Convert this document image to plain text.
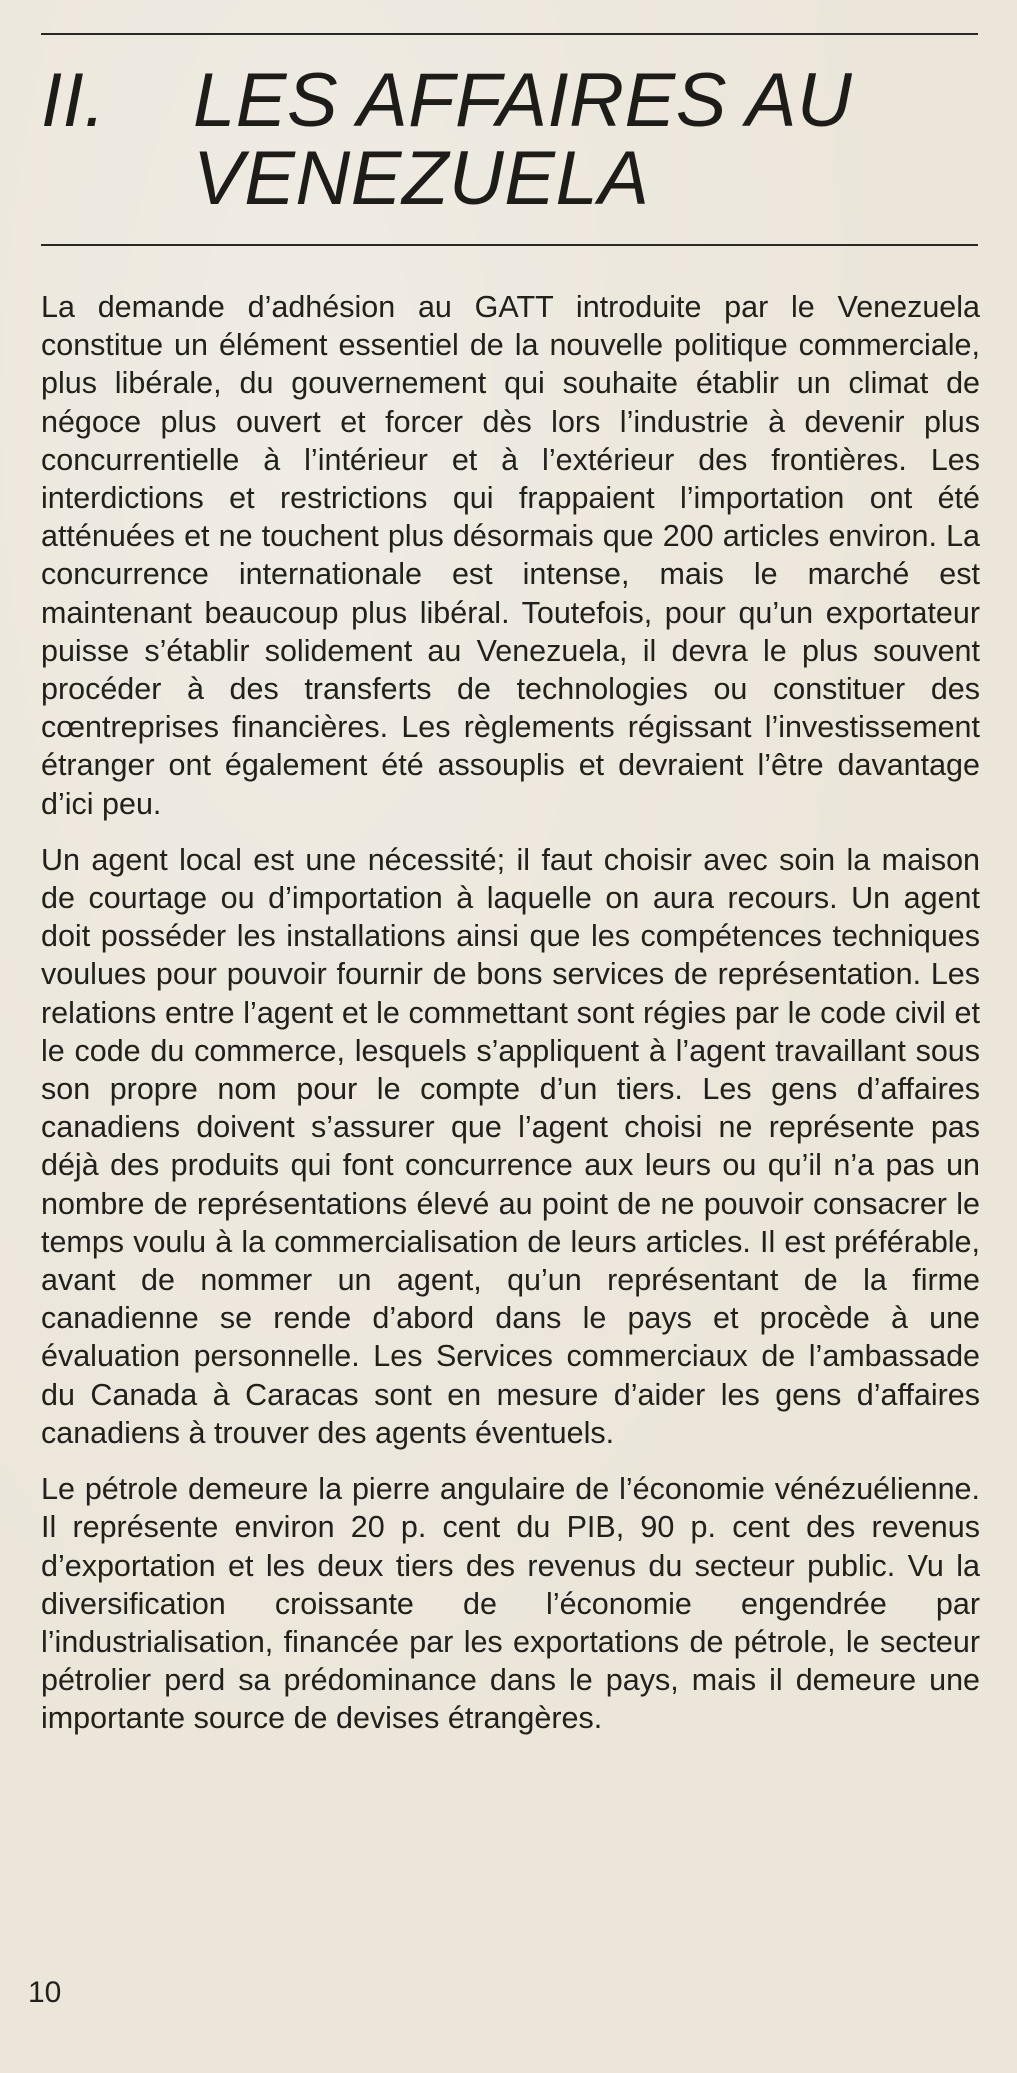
II. LES AFFAIRES AU VENEZUELA

La demande d’adhésion au GATT introduite par le Venezuela constitue un élément essentiel de la nouvelle politique commerciale, plus libérale, du gouvernement qui souhaite établir un climat de négoce plus ouvert et forcer dès lors l’industrie à devenir plus concurrentielle à l’intérieur et à l’extérieur des frontières. Les interdictions et restrictions qui frappaient l’importation ont été atténuées et ne touchent plus désormais que 200 articles environ. La concurrence internationale est intense, mais le marché est maintenant beaucoup plus libéral. Toutefois, pour qu’un exportateur puisse s’établir solidement au Venezuela, il devra le plus souvent procéder à des transferts de technologies ou constituer des cœntreprises financières. Les règlements régissant l’investissement étranger ont également été assouplis et devraient l’être davantage d’ici peu.

Un agent local est une nécessité; il faut choisir avec soin la maison de courtage ou d’importation à laquelle on aura recours. Un agent doit posséder les installations ainsi que les compétences techniques voulues pour pouvoir fournir de bons services de représentation. Les relations entre l’agent et le commettant sont régies par le code civil et le code du commerce, lesquels s’appliquent à l’agent travaillant sous son propre nom pour le compte d’un tiers. Les gens d’affaires canadiens doivent s’assurer que l’agent choisi ne représente pas déjà des produits qui font concurrence aux leurs ou qu’il n’a pas un nombre de représentations élevé au point de ne pouvoir consacrer le temps voulu à la commercialisation de leurs articles. Il est préférable, avant de nommer un agent, qu’un représentant de la firme canadienne se rende d’abord dans le pays et procède à une évaluation personnelle. Les Services commerciaux de l’ambassade du Canada à Caracas sont en mesure d’aider les gens d’affaires canadiens à trouver des agents éventuels.

Le pétrole demeure la pierre angulaire de l’économie vénézuélienne. Il représente environ 20 p. cent du PIB, 90 p. cent des revenus d’exportation et les deux tiers des revenus du secteur public. Vu la diversification croissante de l’économie engendrée par l’industrialisation, financée par les exportations de pétrole, le secteur pétrolier perd sa prédominance dans le pays, mais il demeure une importante source de devises étrangères.

10
